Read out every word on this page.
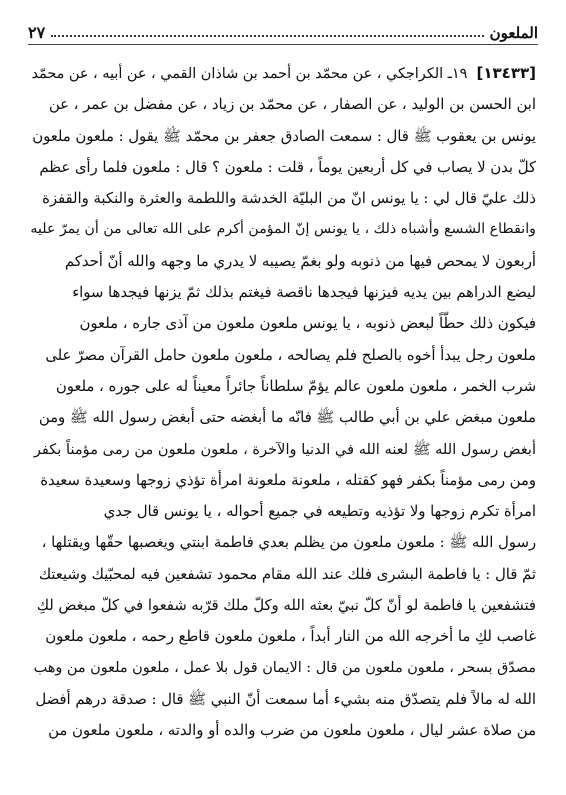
٢٧	الملعون
[١٣٤٣٣]  ١٩ـ الكراجكي ، عن محمّد بن أحمد بن شاذان القمي ، عن أبيه ، عن محمّد
ابن الحسن بن الوليد ، عن الصفار ، عن محمّد بن زياد ، عن مفضل بن عمر ، عن
يونس بن يعقوب ﷺ قال : سمعت الصادق جعفر بن محمّد ﷺ يقول : ملعون ملعون
كلّ بدن لا يصاب في كل أربعين يوماً ، قلت : ملعون ؟ قال : ملعون فلما رأى عظم
ذلك عليّ قال لي : يا يونس انّ من البليّة الخدشة واللطمة والعثرة والنكبة والقفزة
وانقطاع الشسع وأشباه ذلك ، يا يونس إنّ المؤمن أكرم على الله تعالى من أن يمرّ عليه
أربعون لا يمحص فيها من ذنوبه ولو بغمّ يصيبه لا يدري ما وجهه والله أنّ أحدكم
ليضع الدراهم بين يديه فيزنها فيجدها ناقصة فيغتم بذلك ثمّ يزنها فيجدها سواء
فيكون ذلك حطّاً لبعض ذنوبه ، يا يونس ملعون ملعون من آذى جاره ، ملعون
ملعون رجل يبدأ أخوه بالصلح فلم يصالحه ، ملعون ملعون حامل القرآن مصرّ على
شرب الخمر ، ملعون ملعون عالم يؤمّ سلطاناً جائراً معيناً له على جوره ، ملعون
ملعون مبغض علي بن أبي طالب ﷺ فانّه ما أبغضه حتى أبغض رسول الله ﷺ ومن
أبغض رسول الله ﷺ لعنه الله في الدنيا والآخرة ، ملعون ملعون من رمى مؤمناً بكفر
ومن رمى مؤمناً بكفر فهو كقتله ، ملعونة ملعونة امرأة تؤذي زوجها وسعيدة سعيدة
امرأة تكرم زوجها ولا تؤذيه وتطيعه في جميع أحواله ، يا يونس قال جدي
رسول الله ﷺ : ملعون ملعون من يظلم بعدي فاطمة ابنتي ويغصبها حقّها ويقتلها ،
ثمّ قال : يا فاطمة البشرى فلك عند الله مقام محمود تشفعين فيه لمحبّيك وشيعتك
فتشفعين يا فاطمة لو أنّ كلّ نبيّ بعثه الله وكلّ ملك قرّبه شفعوا في كلّ مبغض لكِ
غاصب لكِ ما أخرجه الله من النار أبداً ، ملعون ملعون قاطع رحمه ، ملعون ملعون
مصدّق بسحر ، ملعون ملعون من قال : الايمان قول بلا عمل ، ملعون ملعون من وهب
الله له مالاً فلم يتصدّق منه بشيء أما سمعت أنّ النبي ﷺ قال : صدقة درهم أفضل
من صلاة عشر ليال ، ملعون ملعون من ضرب والده أو والدته ، ملعون ملعون من
